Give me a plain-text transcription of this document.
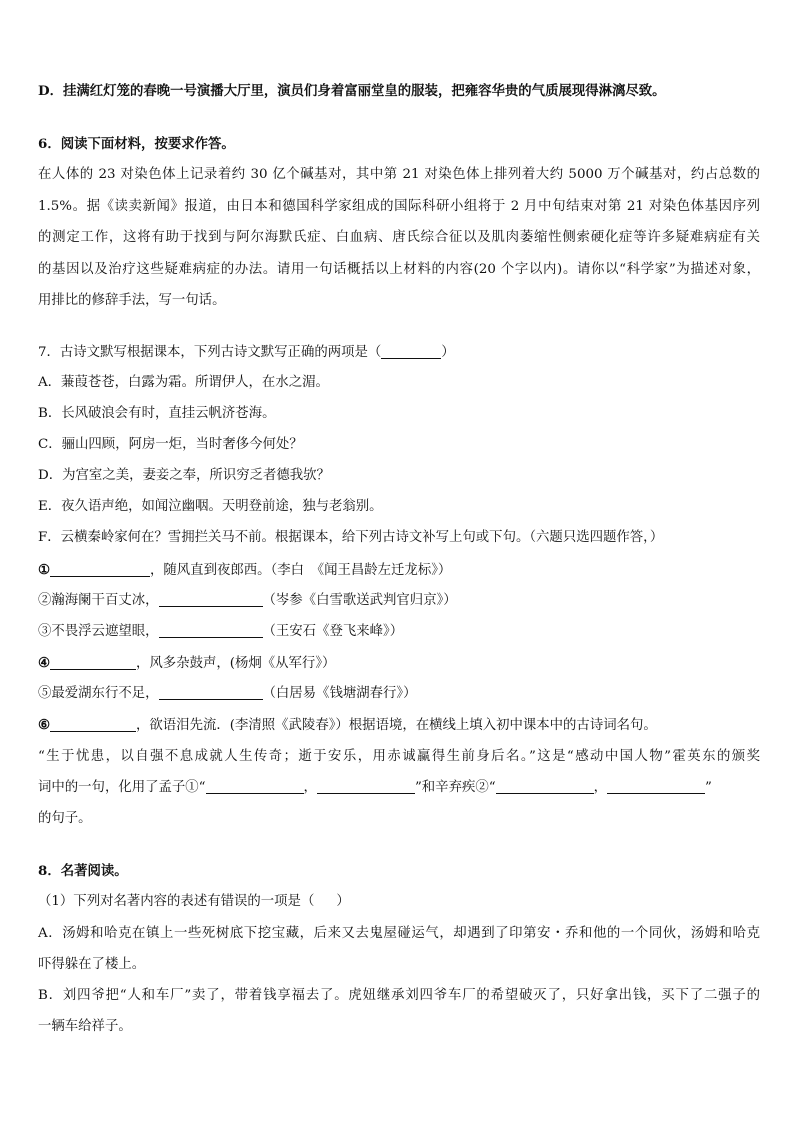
D．挂满红灯笼的春晚一号演播大厅里，演员们身着富丽堂皇的服装，把雍容华贵的气质展现得淋漓尽致。
6．阅读下面材料，按要求作答。
在人体的 23 对染色体上记录着约 30 亿个碱基对，其中第 21 对染色体上排列着大约 5000 万个碱基对，约占总数的
1.5%。据《读卖新闻》报道，由日本和德国科学家组成的国际科研小组将于 2 月中旬结束对第 21 对染色体基因序列
的测定工作，这将有助于找到与阿尔海默氏症、白血病、唐氏综合征以及肌肉萎缩性侧索硬化症等许多疑难病症有关
的基因以及治疗这些疑难病症的办法。请用一句话概括以上材料的内容(20 个字以内)。请你以“科学家”为描述对象，
用排比的修辞手法，写一句话。
7．古诗文默写根据课本，下列古诗文默写正确的两项是（	）
A．蒹葭苍苍，白露为霜。所谓伊人，在水之湄。
B．长风破浪会有时，直挂云帆济苍海。
C．骊山四顾，阿房一炬，当时奢侈今何处？
D．为宫室之美，妻妾之奉，所识穷乏者德我欤？
E．夜久语声绝，如闻泣幽咽。天明登前途，独与老翁别。
F．云横秦岭家何在？雪拥拦关马不前。根据课本，给下列古诗文补写上句或下句。（六题只选四题作答，）
①	，随风直到夜郎西。（李白　《闻王昌龄左迁龙标》）
②瀚海阑干百丈冰，	（岑参《白雪歌送武判官归京》）
③不畏浮云遮望眼，	（王安石《登飞来峰》）
④	，风多杂鼓声，(杨炯《从军行》）
⑤最爱湖东行不足，	（白居易《钱塘湖春行》）
⑥	，欲语泪先流．(李清照《武陵春》）根据语境，在横线上填入初中课本中的古诗词名句。
“生于忧患，以自强不息成就人生传奇；逝于安乐，用赤诚赢得生前身后名。”这是“感动中国人物”霍英东的颁奖
词中的一句，化用了孟子①“	，	”和辛弃疾②“	，	”
的句子。
8．名著阅读。
（1）下列对名著内容的表述有错误的一项是（ ）
A．汤姆和哈克在镇上一些死树底下挖宝藏，后来又去鬼屋碰运气，却遇到了印第安・乔和他的一个同伙，汤姆和哈克
吓得躲在了楼上。
B．刘四爷把“人和车厂”卖了，带着钱享福去了。虎妞继承刘四爷车厂的希望破灭了，只好拿出钱，买下了二强子的
一辆车给祥子。
